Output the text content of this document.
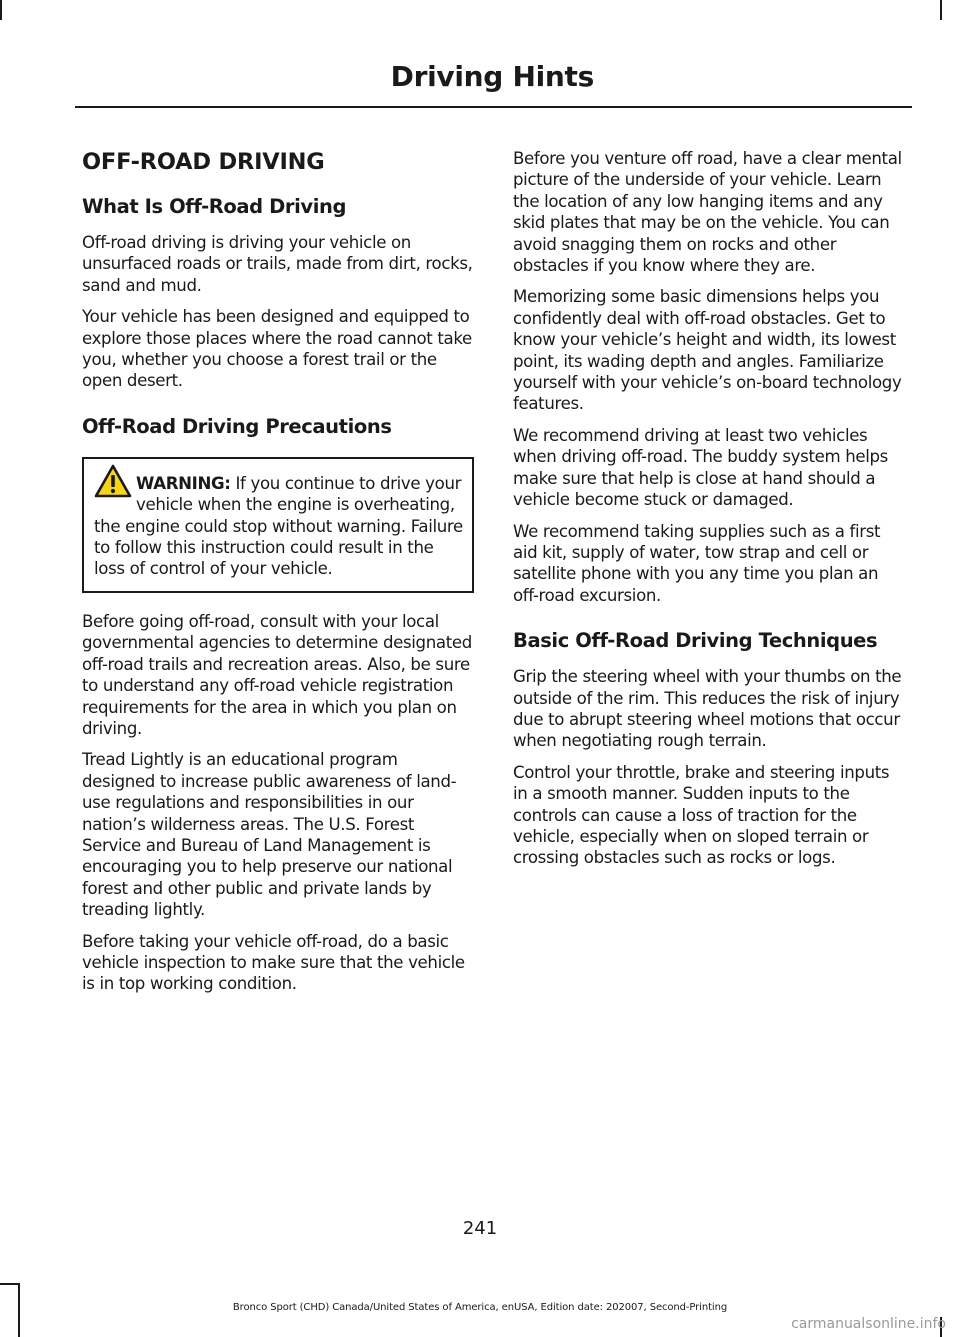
Driving Hints
OFF-ROAD DRIVING
What Is Off-Road Driving

Off-road driving is driving your vehicle on unsurfaced roads or trails, made from dirt, rocks, sand and mud.

Your vehicle has been designed and equipped to explore those places where the road cannot take you, whether you choose a forest trail or the open desert.

Off-Road Driving Precautions

WARNING: If you continue to drive your vehicle when the engine is overheating, the engine could stop without warning. Failure to follow this instruction could result in the loss of control of your vehicle.

Before going off-road, consult with your local governmental agencies to determine designated off-road trails and recreation areas. Also, be sure to understand any off-road vehicle registration requirements for the area in which you plan on driving.

Tread Lightly is an educational program designed to increase public awareness of land-use regulations and responsibilities in our nation’s wilderness areas. The U.S. Forest Service and Bureau of Land Management is encouraging you to help preserve our national forest and other public and private lands by treading lightly.

Before taking your vehicle off-road, do a basic vehicle inspection to make sure that the vehicle is in top working condition.

Before you venture off road, have a clear mental picture of the underside of your vehicle. Learn the location of any low hanging items and any skid plates that may be on the vehicle. You can avoid snagging them on rocks and other obstacles if you know where they are.

Memorizing some basic dimensions helps you confidently deal with off-road obstacles. Get to know your vehicle’s height and width, its lowest point, its wading depth and angles. Familiarize yourself with your vehicle’s on-board technology features.

We recommend driving at least two vehicles when driving off-road. The buddy system helps make sure that help is close at hand should a vehicle become stuck or damaged.

We recommend taking supplies such as a first aid kit, supply of water, tow strap and cell or satellite phone with you any time you plan an off-road excursion.

Basic Off-Road Driving Techniques

Grip the steering wheel with your thumbs on the outside of the rim. This reduces the risk of injury due to abrupt steering wheel motions that occur when negotiating rough terrain.

Control your throttle, brake and steering inputs in a smooth manner. Sudden inputs to the controls can cause a loss of traction for the vehicle, especially when on sloped terrain or crossing obstacles such as rocks or logs.

241
Bronco Sport (CHD) Canada/United States of America, enUSA, Edition date: 202007, Second-Printing
carmanualsonline.info
